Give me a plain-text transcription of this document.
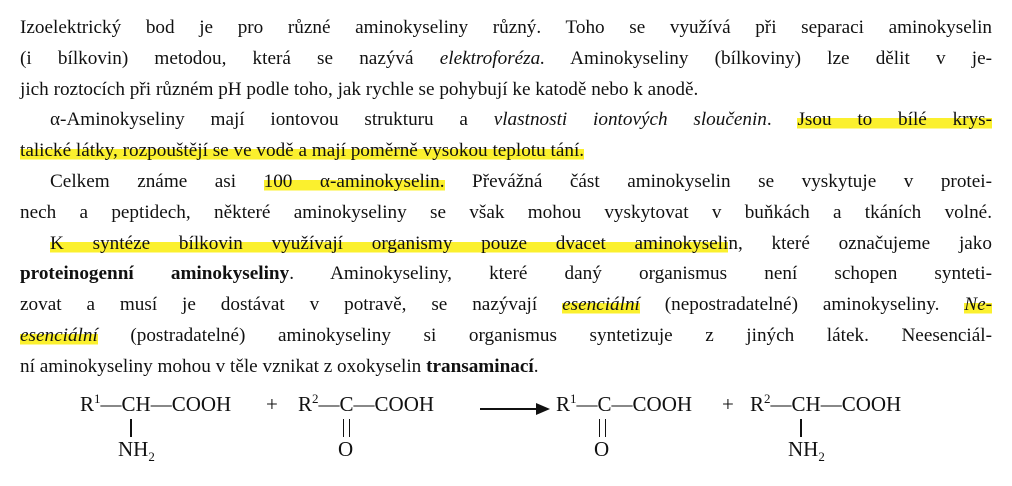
Izoelektrický bod je pro různé aminokyseliny různý. Toho se využívá při separaci aminokyselin
(i bílkovin) metodou, která se nazývá elektroforéza. Aminokyseliny (bílkoviny) lze dělit v je-
jich roztocích při různém pH podle toho, jak rychle se pohybují ke katodě nebo k anodě.
α-Aminokyseliny mají iontovou strukturu a vlastnosti iontových sloučenin. Jsou to bílé krys-
talické látky, rozpouštějí se ve vodě a mají poměrně vysokou teplotu tání.
Celkem známe asi 100 α-aminokyselin. Převážná část aminokyselin se vyskytuje v protei-
nech a peptidech, některé aminokyseliny se však mohou vyskytovat v buňkách a tkáních volné.
K syntéze bílkovin využívají organismy pouze dvacet aminokyselin, které označujeme jako
proteinogenní aminokyseliny. Aminokyseliny, které daný organismus není schopen synteti-
zovat a musí je dostávat v potravě, se nazývají esenciální (nepostradatelné) aminokyseliny. Ne-
esenciální (postradatelné) aminokyseliny si organismus syntetizuje z jiných látek. Neesenciál-
ní aminokyseliny mohou v těle vznikat z oxokyselin transaminací.
$R^1—CH—COOH$
$NH_2$
+ $R^2—C—COOH$
O
$R^1—C—COOH$
O
+ $R^2—CH—COOH$
$NH_2$
